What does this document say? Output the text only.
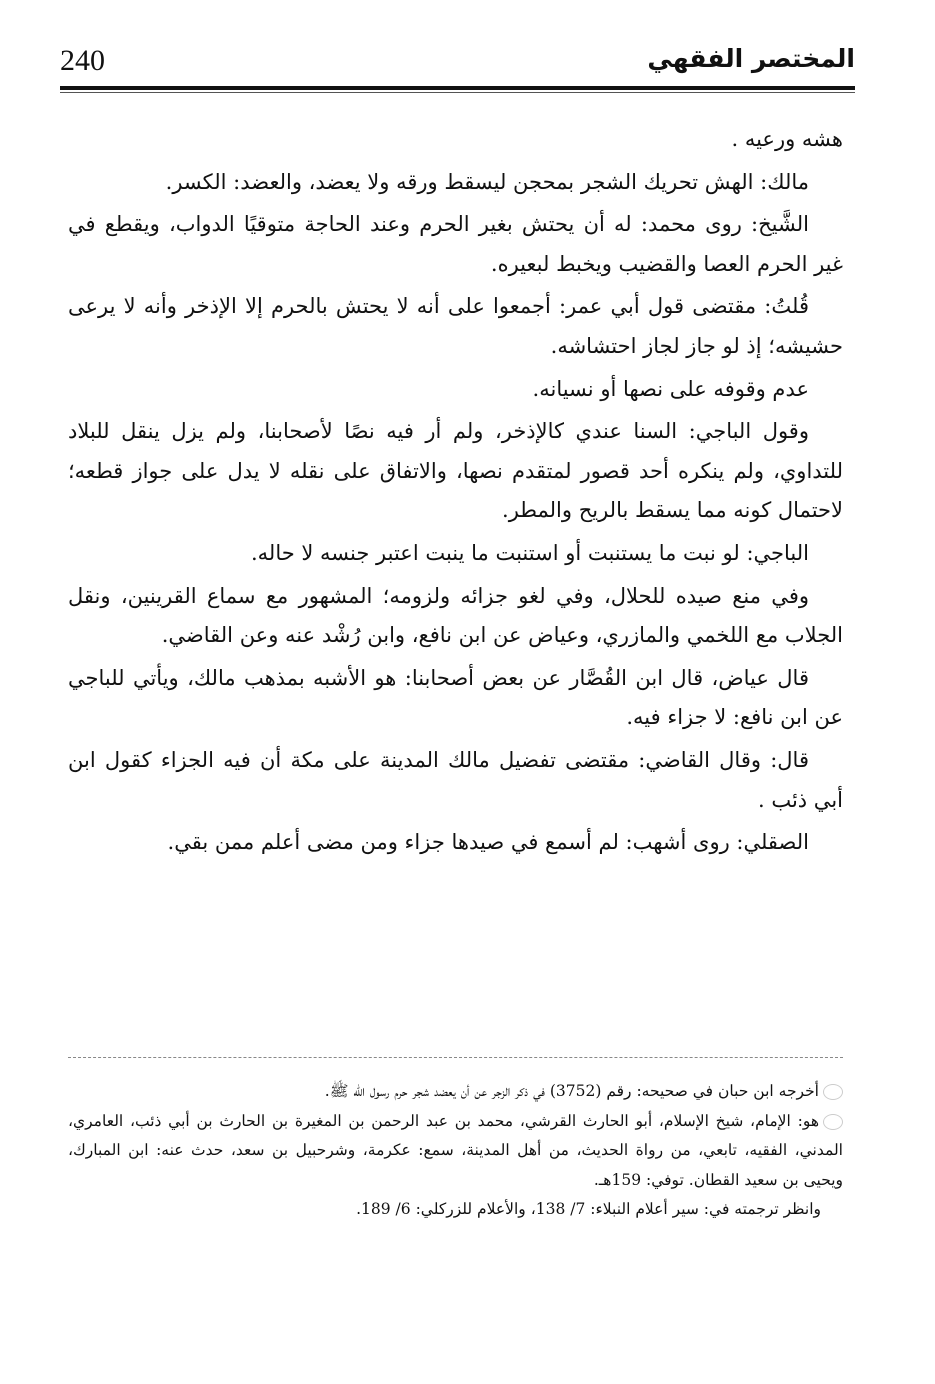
240	المختصر الفقهي

هشه ورعيه .

مالك: الهش تحريك الشجر بمحجن ليسقط ورقه ولا يعضد، والعضد: الكسر.

الشَّيخ: روى محمد: له أن يحتش بغير الحرم وعند الحاجة متوقيًا الدواب، ويقطع في غير الحرم العصا والقضيب ويخبط لبعيره.

قُلتُ: مقتضى قول أبي عمر: أجمعوا على أنه لا يحتش بالحرم إلا الإذخر وأنه لا يرعى حشيشه؛ إذ لو جاز لجاز احتشاشه.

عدم وقوفه على نصها أو نسيانه.

وقول الباجي: السنا عندي كالإذخر، ولم أر فيه نصًا لأصحابنا، ولم يزل ينقل للبلاد للتداوي، ولم ينكره أحد قصور لمتقدم نصها، والاتفاق على نقله لا يدل على جواز قطعه؛ لاحتمال كونه مما يسقط بالريح والمطر.

الباجي: لو نبت ما يستنبت أو استنبت ما ينبت اعتبر جنسه لا حاله.

وفي منع صيده للحلال، وفي لغو جزائه ولزومه؛ المشهور مع سماع القرينين، ونقل الجلاب مع اللخمي والمازري، وعياض عن ابن نافع، وابن رُشْد عنه وعن القاضي.

قال عياض، قال ابن القُصَّار عن بعض أصحابنا: هو الأشبه بمذهب مالك، ويأتي للباجي عن ابن نافع: لا جزاء فيه.

قال: وقال القاضي: مقتضى تفضيل مالك المدينة على مكة أن فيه الجزاء كقول ابن أبي ذئب .

الصقلي: روى أشهب: لم أسمع في صيدها جزاء ومن مضى أعلم ممن بقي.

أخرجه ابن حبان في صحيحه: رقم (3752) في ذكر الزجر عن أن يعضد شجر حرم رسول الله ﷺ.

هو: الإمام، شيخ الإسلام، أبو الحارث القرشي، محمد بن عبد الرحمن بن المغيرة بن الحارث بن أبي ذئب، العامري، المدني، الفقيه، تابعي، من رواة الحديث، من أهل المدينة، سمع: عكرمة، وشرحبيل بن سعد، حدث عنه: ابن المبارك، ويحيى بن سعيد القطان. توفي: 159هـ.

وانظر ترجمته في: سير أعلام النبلاء: 7/ 138، والأعلام للزركلي: 6/ 189.
